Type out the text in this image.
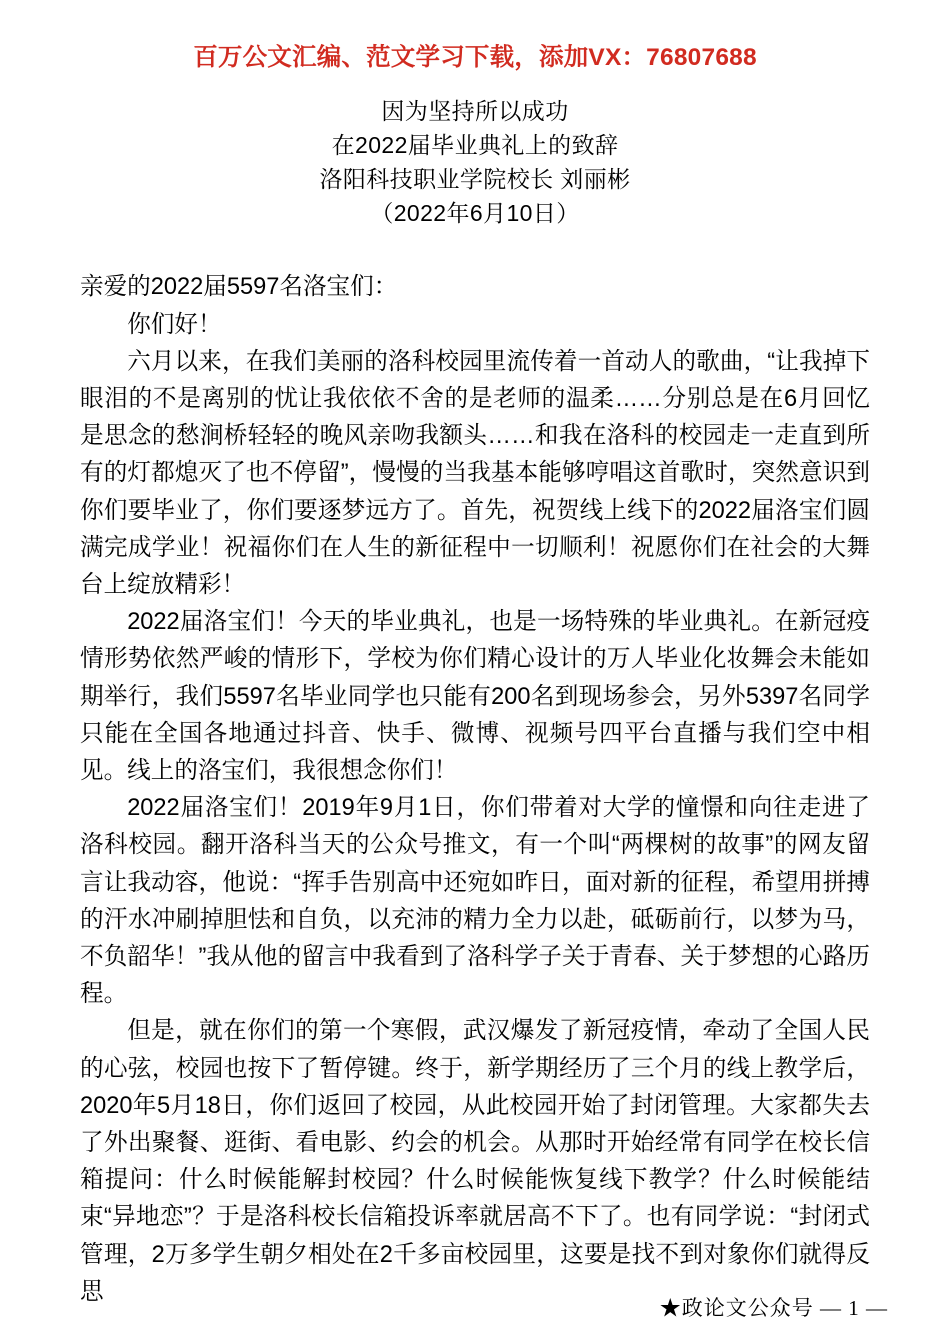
百万公文汇编、范文学习下载，添加VX：76807688
因为坚持所以成功
在2022届毕业典礼上的致辞
洛阳科技职业学院校长 刘丽彬
（2022年6月10日）

亲爱的2022届5597名洛宝们：

你们好！

六月以来，在我们美丽的洛科校园里流传着一首动人的歌曲，“让我掉下眼泪的不是离别的忧让我依依不舍的是老师的温柔……分别总是在6月回忆是思念的愁涧桥轻轻的晚风亲吻我额头……和我在洛科的校园走一走直到所有的灯都熄灭了也不停留”，慢慢的当我基本能够哼唱这首歌时，突然意识到你们要毕业了，你们要逐梦远方了。首先，祝贺线上线下的2022届洛宝们圆满完成学业！祝福你们在人生的新征程中一切顺利！祝愿你们在社会的大舞台上绽放精彩！

2022届洛宝们！今天的毕业典礼，也是一场特殊的毕业典礼。在新冠疫情形势依然严峻的情形下，学校为你们精心设计的万人毕业化妆舞会未能如期举行，我们5597名毕业同学也只能有200名到现场参会，另外5397名同学只能在全国各地通过抖音、快手、微博、视频号四平台直播与我们空中相见。线上的洛宝们，我很想念你们！

2022届洛宝们！2019年9月1日，你们带着对大学的憧憬和向往走进了洛科校园。翻开洛科当天的公众号推文，有一个叫“两棵树的故事”的网友留言让我动容，他说：“挥手告别高中还宛如昨日，面对新的征程，希望用拼搏的汗水冲刷掉胆怯和自负，以充沛的精力全力以赴，砥砺前行，以梦为马，不负韶华！”我从他的留言中我看到了洛科学子关于青春、关于梦想的心路历程。

但是，就在你们的第一个寒假，武汉爆发了新冠疫情，牵动了全国人民的心弦，校园也按下了暂停键。终于，新学期经历了三个月的线上教学后，2020年5月18日，你们返回了校园，从此校园开始了封闭管理。大家都失去了外出聚餐、逛街、看电影、约会的机会。从那时开始经常有同学在校长信箱提问：什么时候能解封校园？什么时候能恢复线下教学？什么时候能结束“异地恋”？于是洛科校长信箱投诉率就居高不下了。也有同学说：“封闭式管理，2万多学生朝夕相处在2千多亩校园里，这要是找不到对象你们就得反思

★政论文公众号 — 1 —
